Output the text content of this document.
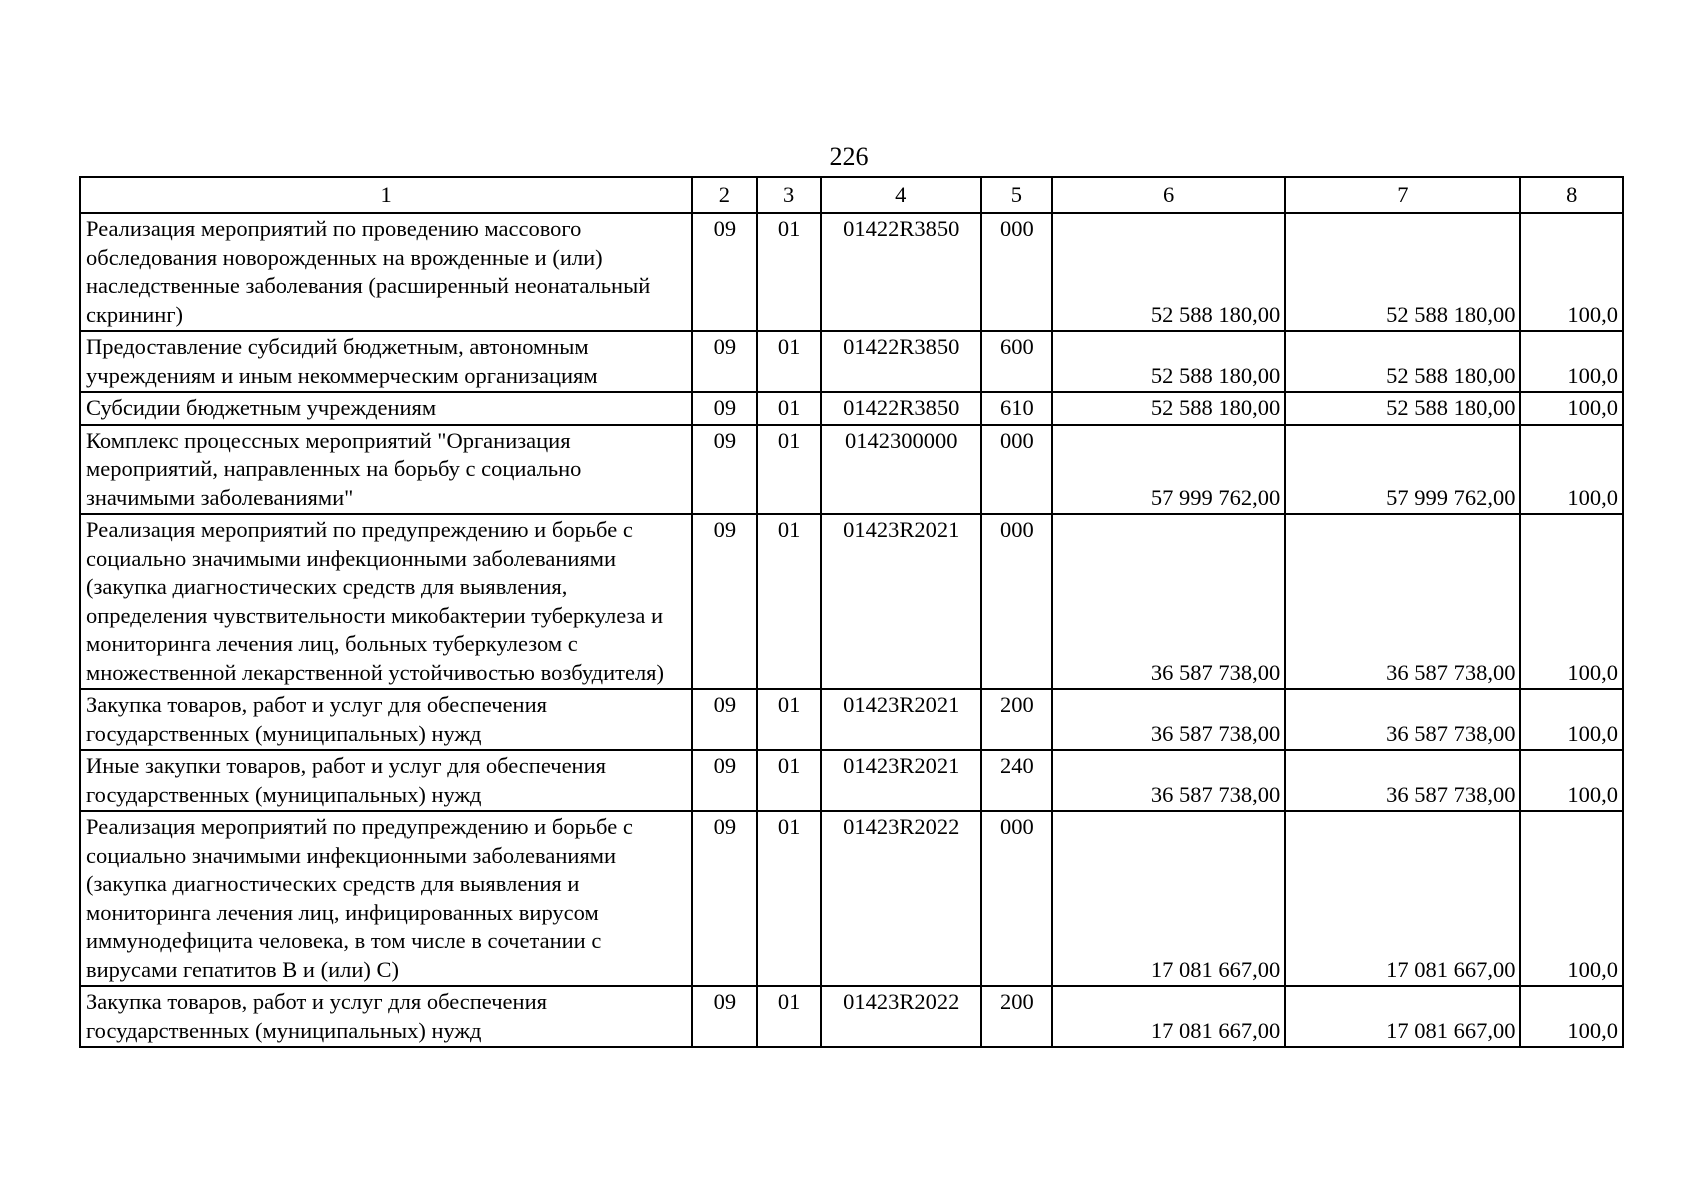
226
1	2	3	4	5	6	7	8
Реализация мероприятий по проведению массового обследования новорожденных на врожденные и (или) наследственные заболевания (расширенный неонатальный скрининг)	09	01	01422R3850	000	52 588 180,00	52 588 180,00	100,0
Предоставление субсидий бюджетным, автономным учреждениям и иным некоммерческим организациям	09	01	01422R3850	600	52 588 180,00	52 588 180,00	100,0
Субсидии бюджетным учреждениям	09	01	01422R3850	610	52 588 180,00	52 588 180,00	100,0
Комплекс процессных мероприятий "Организация мероприятий, направленных на борьбу с социально значимыми заболеваниями"	09	01	0142300000	000	57 999 762,00	57 999 762,00	100,0
Реализация мероприятий по предупреждению и борьбе с социально значимыми инфекционными заболеваниями (закупка диагностических средств для выявления, определения чувствительности микобактерии туберкулеза и мониторинга лечения лиц, больных туберкулезом с множественной лекарственной устойчивостью возбудителя)	09	01	01423R2021	000	36 587 738,00	36 587 738,00	100,0
Закупка товаров, работ и услуг для обеспечения государственных (муниципальных) нужд	09	01	01423R2021	200	36 587 738,00	36 587 738,00	100,0
Иные закупки товаров, работ и услуг для обеспечения государственных (муниципальных) нужд	09	01	01423R2021	240	36 587 738,00	36 587 738,00	100,0
Реализация мероприятий по предупреждению и борьбе с социально значимыми инфекционными заболеваниями (закупка диагностических средств для выявления и мониторинга лечения лиц, инфицированных вирусом иммунодефицита человека, в том числе в сочетании с вирусами гепатитов В и (или) С)	09	01	01423R2022	000	17 081 667,00	17 081 667,00	100,0
Закупка товаров, работ и услуг для обеспечения государственных (муниципальных) нужд	09	01	01423R2022	200	17 081 667,00	17 081 667,00	100,0
